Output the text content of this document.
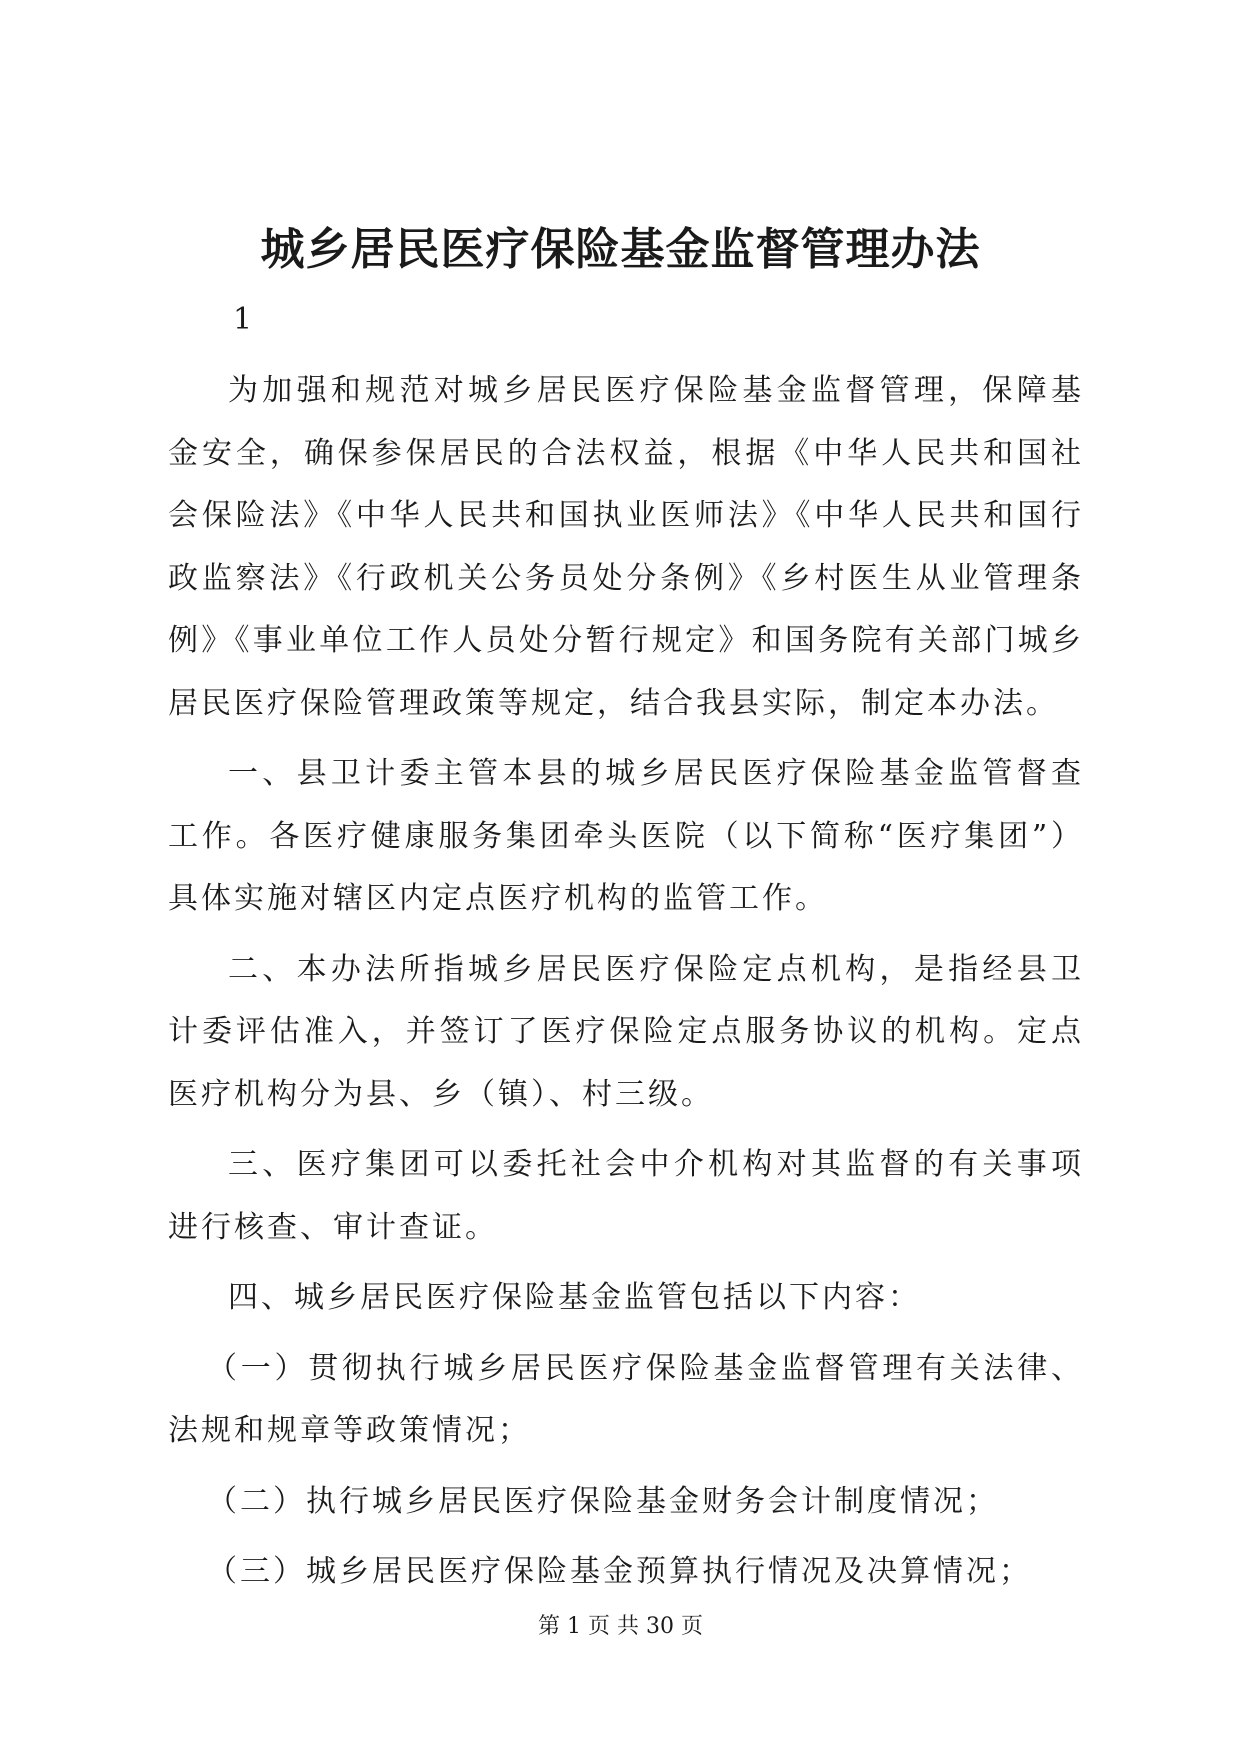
城乡居民医疗保险基金监督管理办法
1

为加强和规范对城乡居民医疗保险基金监督管理，保障基金安全，确保参保居民的合法权益，根据《中华人民共和国社会保险法》《中华人民共和国执业医师法》《中华人民共和国行政监察法》《行政机关公务员处分条例》《乡村医生从业管理条例》《事业单位工作人员处分暂行规定》和国务院有关部门城乡居民医疗保险管理政策等规定，结合我县实际，制定本办法。

一、县卫计委主管本县的城乡居民医疗保险基金监管督查工作。各医疗健康服务集团牵头医院（以下简称“医疗集团”）具体实施对辖区内定点医疗机构的监管工作。

二、本办法所指城乡居民医疗保险定点机构，是指经县卫计委评估准入，并签订了医疗保险定点服务协议的机构。定点医疗机构分为县、乡（镇）、村三级。

三、医疗集团可以委托社会中介机构对其监督的有关事项进行核查、审计查证。

四、城乡居民医疗保险基金监管包括以下内容：

（一）贯彻执行城乡居民医疗保险基金监督管理有关法律、法规和规章等政策情况；

（二）执行城乡居民医疗保险基金财务会计制度情况；

（三）城乡居民医疗保险基金预算执行情况及决算情况；

第 1 页 共 30 页
